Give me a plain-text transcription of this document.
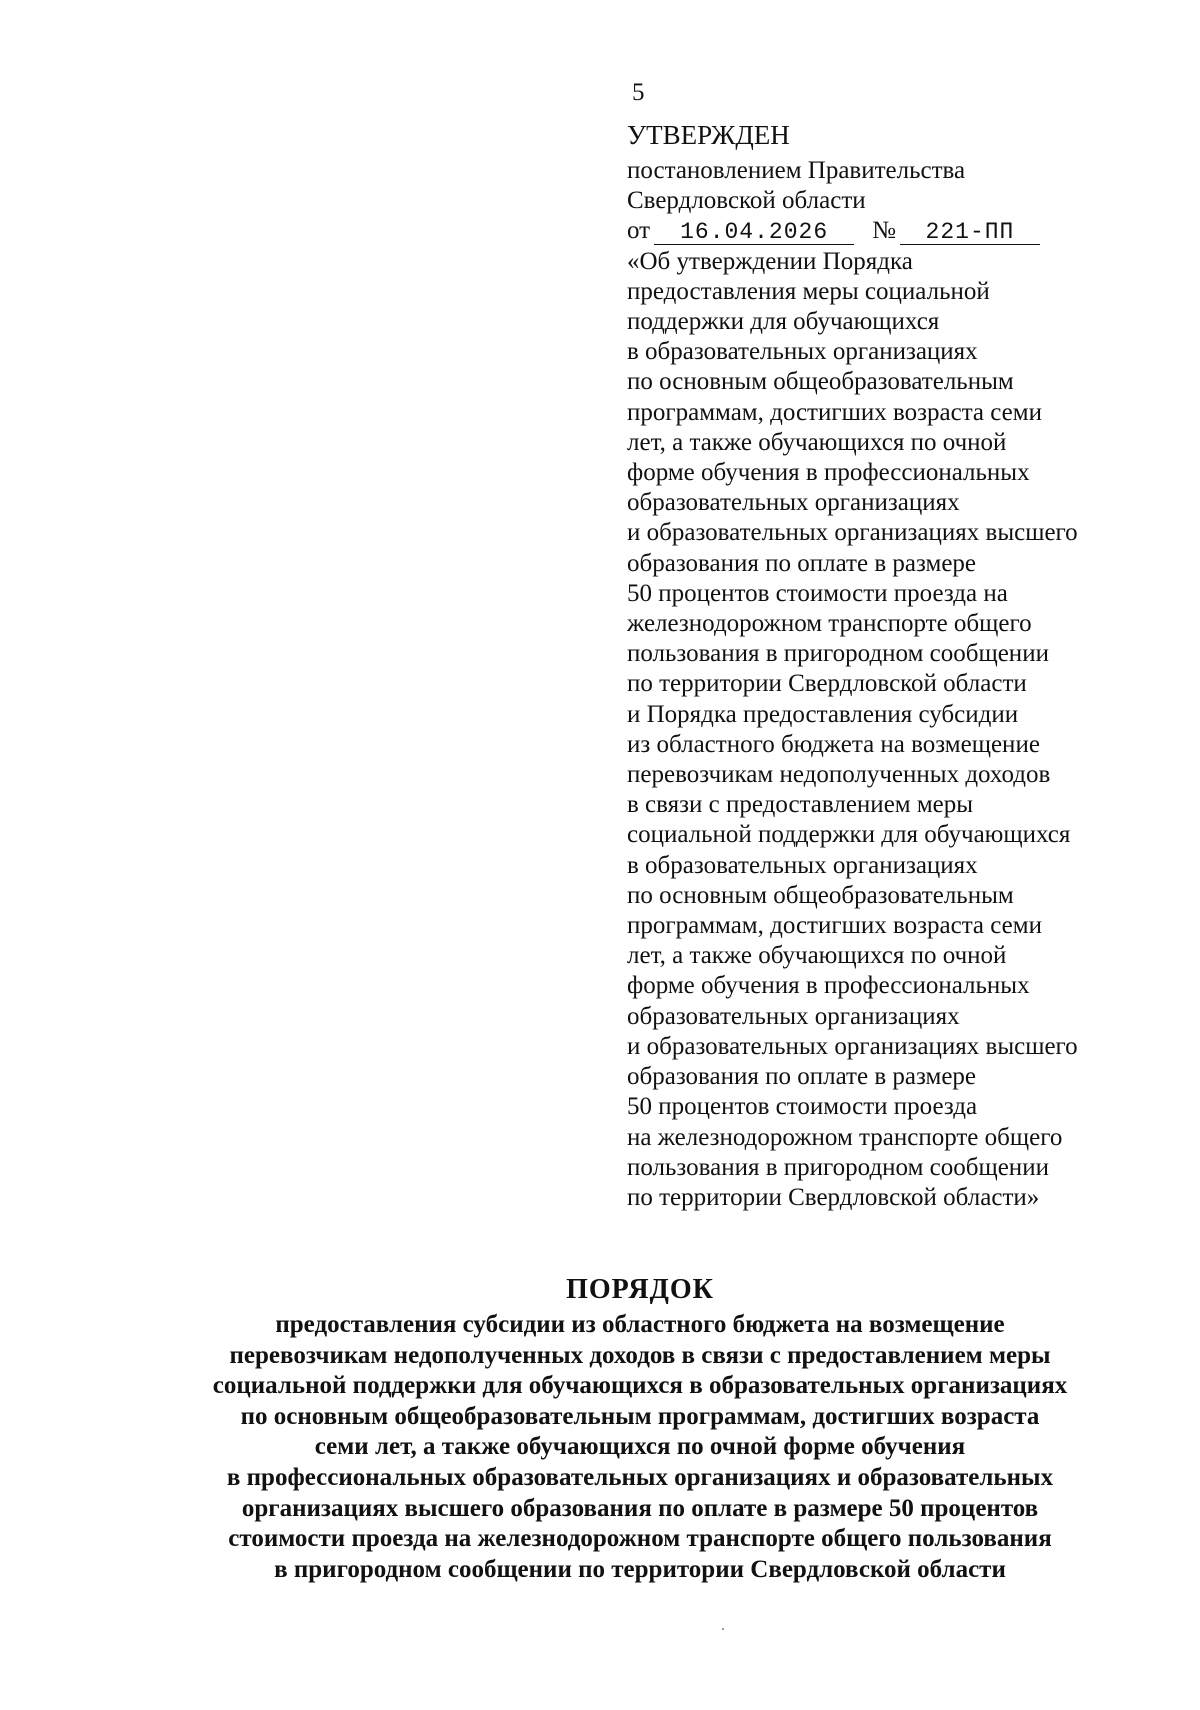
5
УТВЕРЖДЕН
постановлением Правительства
Свердловской области
от	16.04.2026	№	221-ПП
«Об утверждении Порядка
предоставления меры социальной
поддержки для обучающихся
в образовательных организациях
по основным общеобразовательным
программам, достигших возраста семи
лет, а также обучающихся по очной
форме обучения в профессиональных
образовательных организациях
и образовательных организациях высшего
образования по оплате в размере
50 процентов стоимости проезда на
железнодорожном транспорте общего
пользования в пригородном сообщении
по территории Свердловской области
и Порядка предоставления субсидии
из областного бюджета на возмещение
перевозчикам недополученных доходов
в связи с предоставлением меры
социальной поддержки для обучающихся
в образовательных организациях
по основным общеобразовательным
программам, достигших возраста семи
лет, а также обучающихся по очной
форме обучения в профессиональных
образовательных организациях
и образовательных организациях высшего
образования по оплате в размере
50 процентов стоимости проезда
на железнодорожном транспорте общего
пользования в пригородном сообщении
по территории Свердловской области»
ПОРЯДОК
предоставления субсидии из областного бюджета на возмещение
перевозчикам недополученных доходов в связи с предоставлением меры
социальной поддержки для обучающихся в образовательных организациях
по основным общеобразовательным программам, достигших возраста
семи лет, а также обучающихся по очной форме обучения
в профессиональных образовательных организациях и образовательных
организациях высшего образования по оплате в размере 50 процентов
стоимости проезда на железнодорожном транспорте общего пользования
в пригородном сообщении по территории Свердловской области
